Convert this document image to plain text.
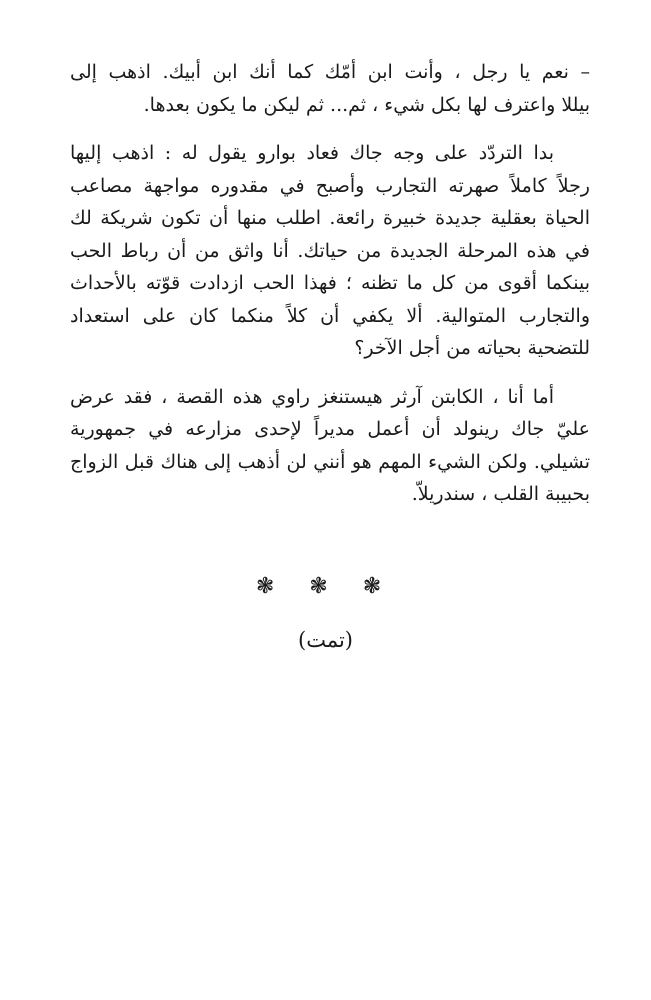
– نعم يا رجل ، وأنت ابن أمّك كما أنك ابن أبيك. اذهب إلى
بيللا واعترف لها بكل شيء ، ثم... ثم ليكن ما يكون بعدها.
بدا التردّد على وجه جاك فعاد بوارو يقول له : اذهب إليها
رجلاً كاملاً صهرته التجارب وأصبح في مقدوره مواجهة مصاعب
الحياة بعقلية جديدة خبيرة رائعة. اطلب منها أن تكون شريكة لك
في هذه المرحلة الجديدة من حياتك. أنا واثق من أن رباط الحب
بينكما أقوى من كل ما تظنه ؛ فهذا الحب ازدادت قوّته بالأحداث
والتجارب المتوالية. ألا يكفي أن كلاً منكما كان على استعداد
للتضحية بحياته من أجل الآخر؟
أما أنا ، الكابتن آرثر هيستنغز راوي هذه القصة ، فقد عرض
عليّ جاك رينولد أن أعمل مديراً لإحدى مزارعه في جمهورية
تشيلي. ولكن الشيء المهم هو أنني لن أذهب إلى هناك قبل الزواج
بحبيبة القلب ، سندريلاّ.
❃ ❃ ❃
(تمت)
